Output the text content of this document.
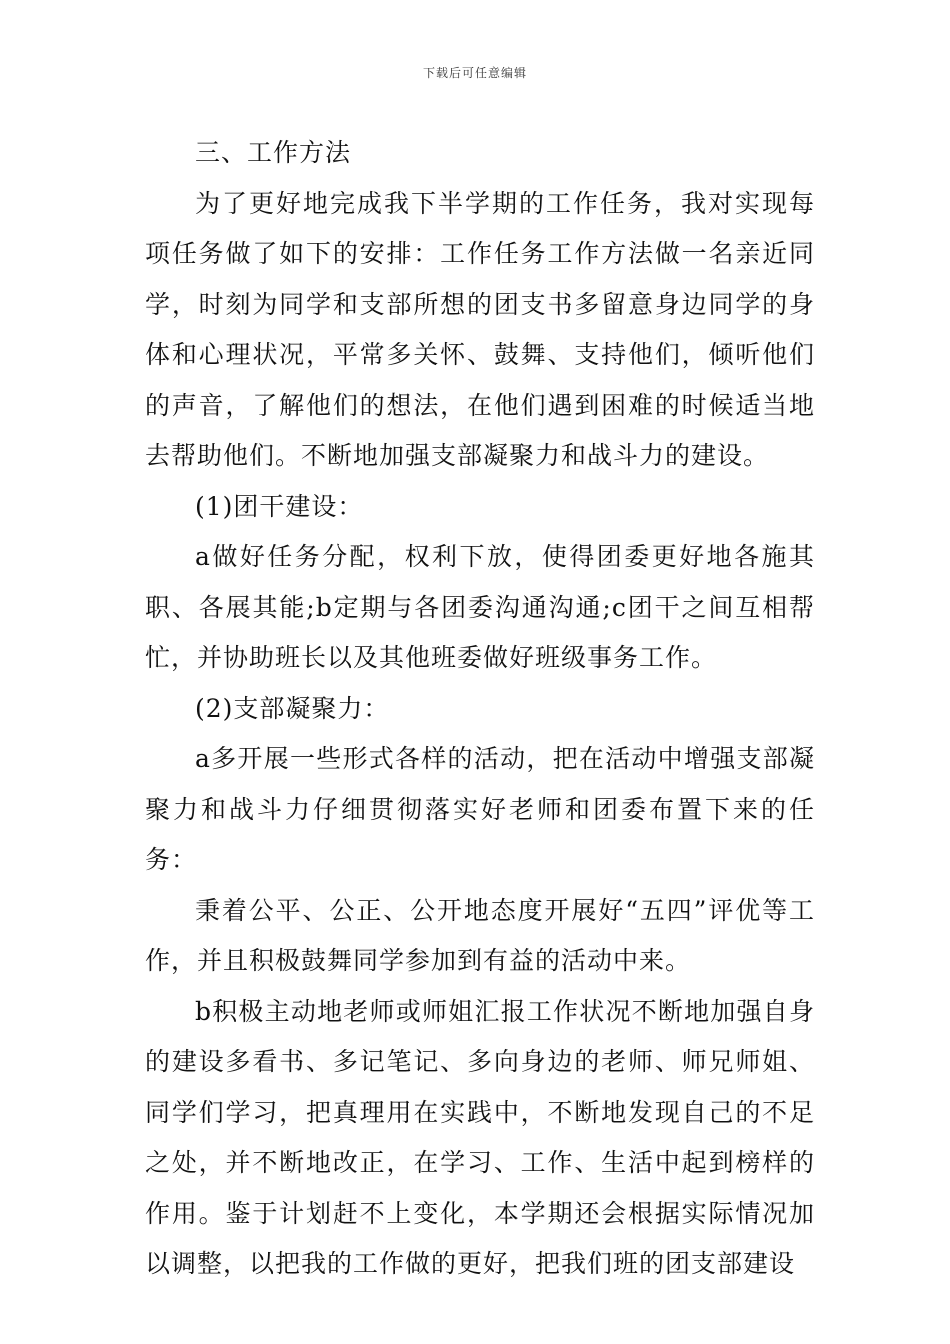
下载后可任意编辑

三、工作方法

为了更好地完成我下半学期的工作任务，我对实现每项任务做了如下的安排：工作任务工作方法做一名亲近同学，时刻为同学和支部所想的团支书多留意身边同学的身体和心理状况，平常多关怀、鼓舞、支持他们，倾听他们的声音，了解他们的想法，在他们遇到困难的时候适当地去帮助他们。不断地加强支部凝聚力和战斗力的建设。

(1)团干建设：

a做好任务分配，权利下放，使得团委更好地各施其职、各展其能;b定期与各团委沟通沟通;c团干之间互相帮忙，并协助班长以及其他班委做好班级事务工作。

(2)支部凝聚力：

a多开展一些形式各样的活动，把在活动中增强支部凝聚力和战斗力仔细贯彻落实好老师和团委布置下来的任务：

秉着公平、公正、公开地态度开展好“五四”评优等工作，并且积极鼓舞同学参加到有益的活动中来。

b积极主动地老师或师姐汇报工作状况不断地加强自身的建设多看书、多记笔记、多向身边的老师、师兄师姐、同学们学习，把真理用在实践中，不断地发现自己的不足之处，并不断地改正，在学习、工作、生活中起到榜样的作用。鉴于计划赶不上变化，本学期还会根据实际情况加以调整，以把我的工作做的更好，把我们班的团支部建设
